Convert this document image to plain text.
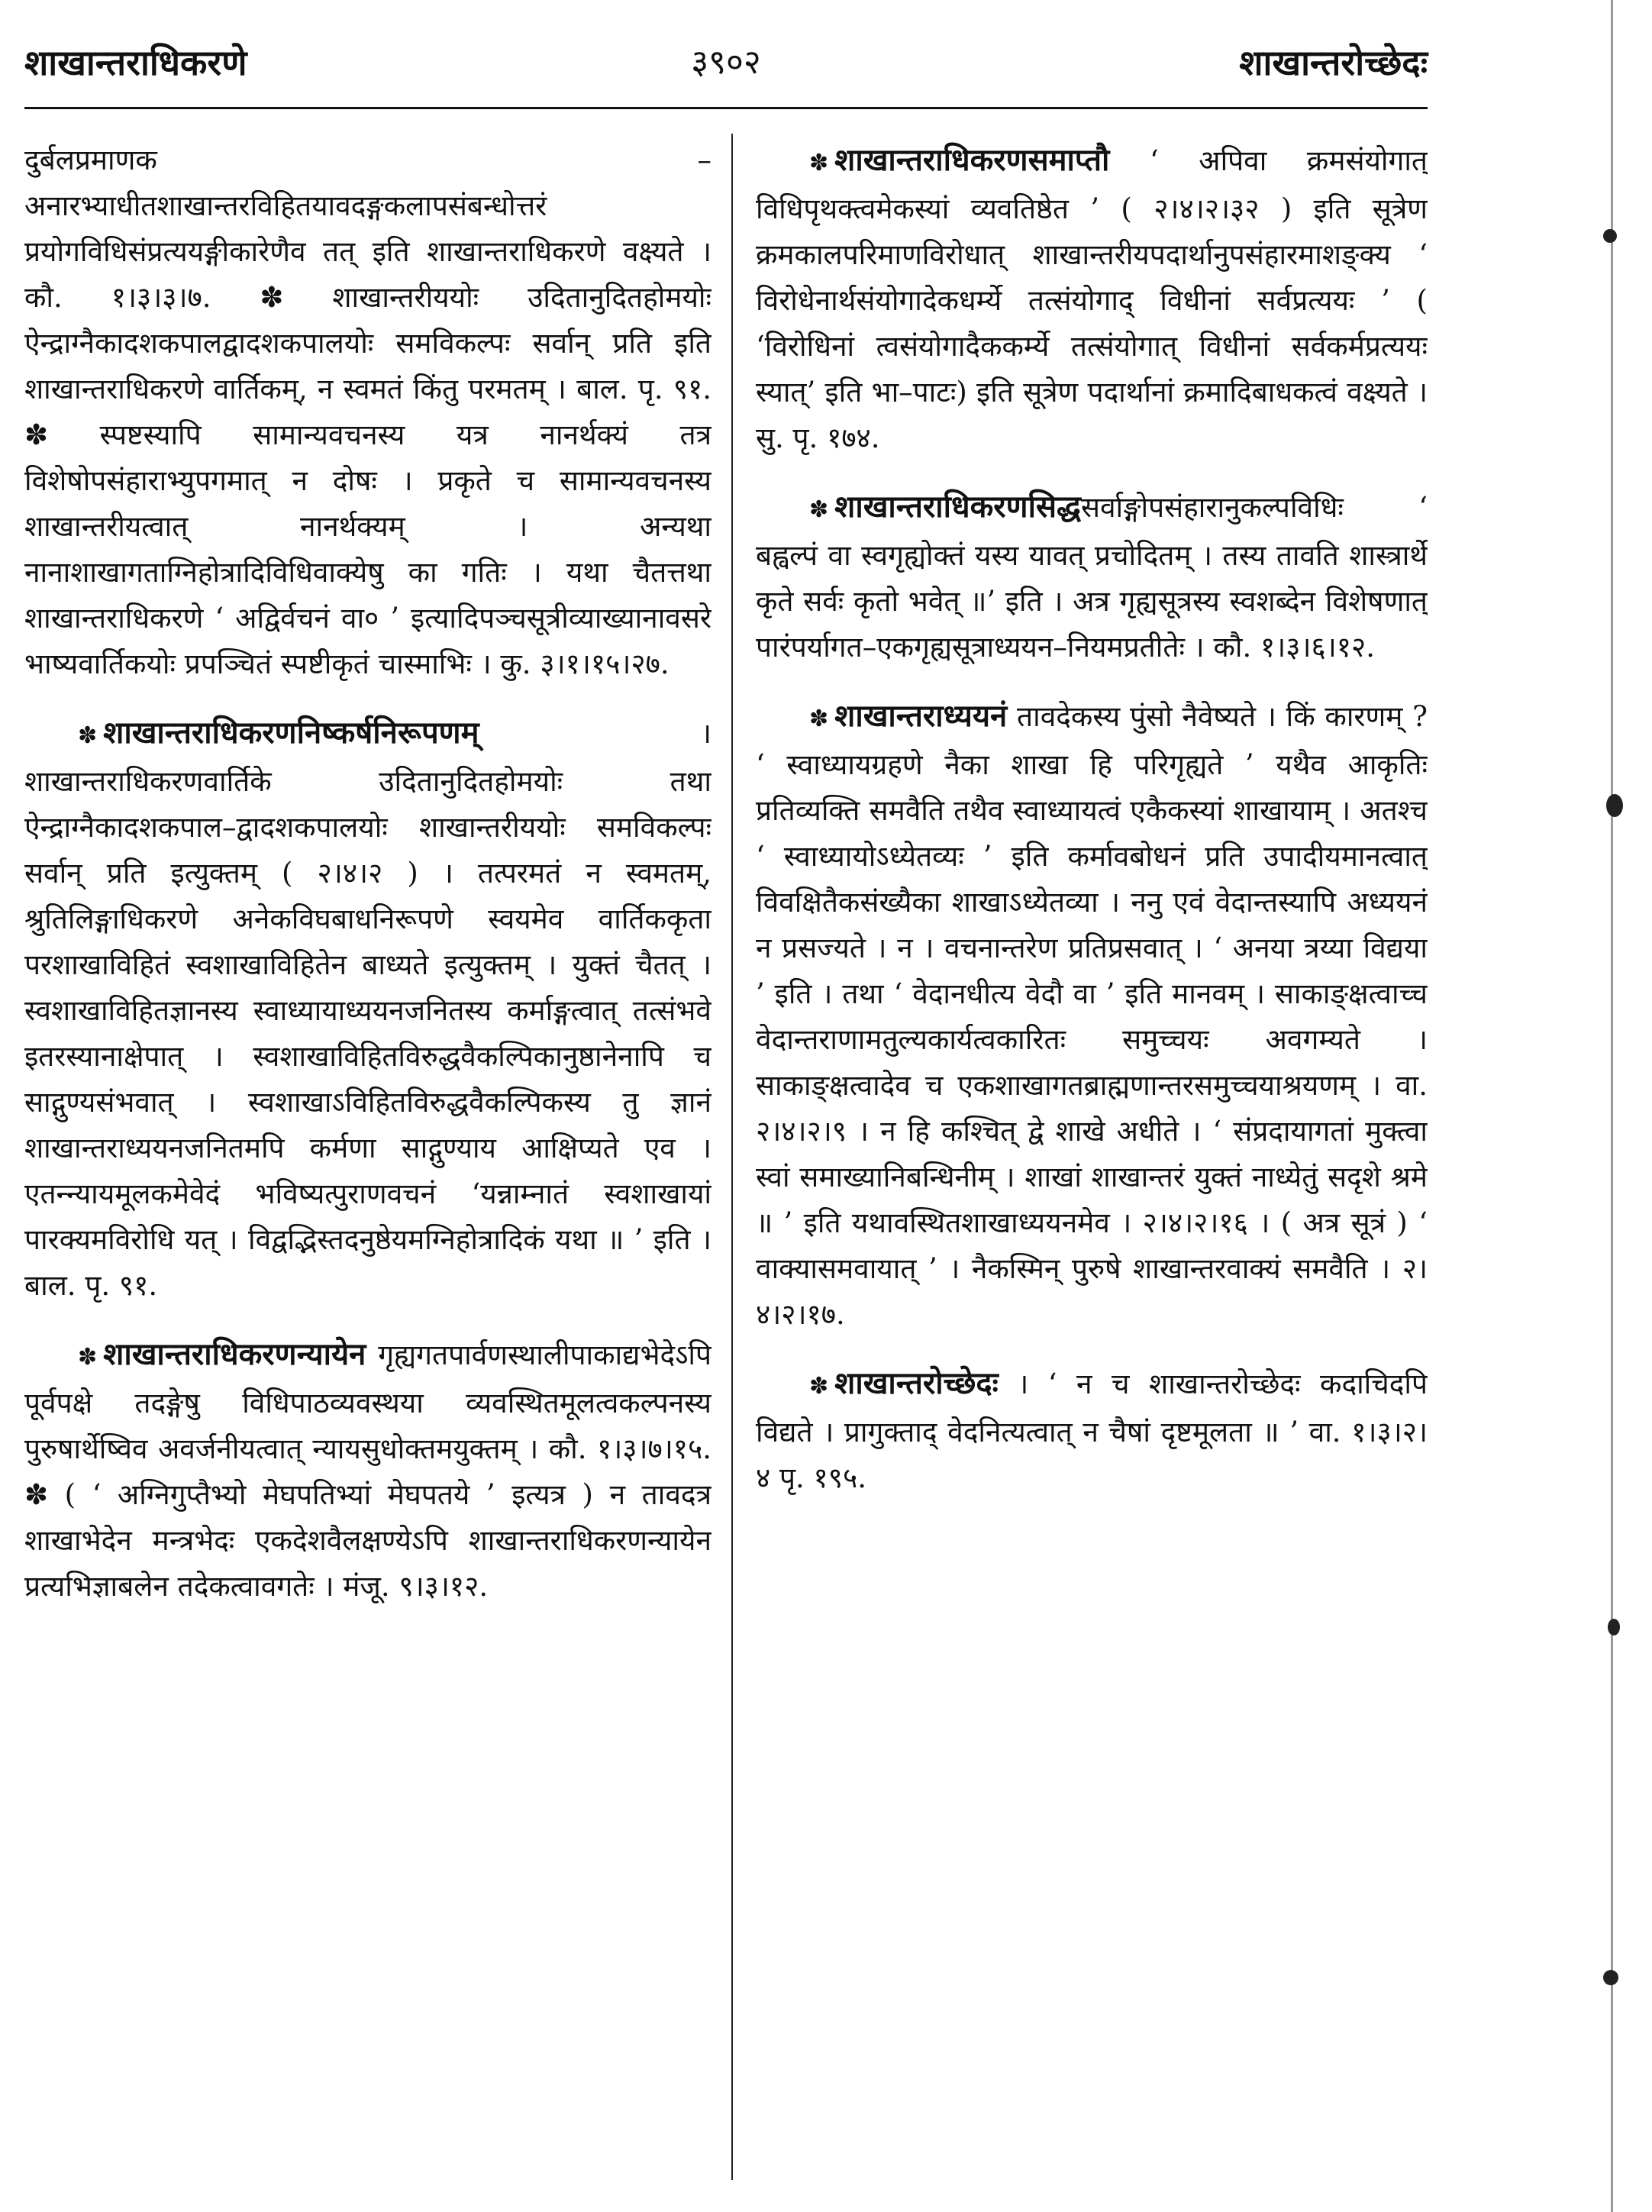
३९०२
शाखान्तराधिकरणे	शाखान्तरोच्छेदः

दुर्बलप्रमाणक – अनारभ्याधीतशाखान्तरविहितयावदङ्गकलापसंबन्धोत्तरं प्रयोगविधिसंप्रत्ययङ्गीकारेणैव तत् इति शाखान्तराधिकरणे वक्ष्यते । कौ. १।३।३।७. ✽ शाखान्तरीययोः उदितानुदितहोमयोः ऐन्द्राग्नैकादशकपालद्वादशकपालयोः समविकल्पः सर्वान् प्रति इति शाखान्तराधिकरणे वार्तिकम्, न स्वमतं किंतु परमतम् । बाल. पृ. ९१. ✽ स्पष्टस्यापि सामान्यवचनस्य यत्र नानर्थक्यं तत्र विशेषोपसंहाराभ्युपगमात् न दोषः । प्रकृते च सामान्यवचनस्य शाखान्तरीयत्वात् नानर्थक्यम् । अन्यथा नानाशाखागताग्निहोत्रादिविधिवाक्येषु का गतिः । यथा चैतत्तथा शाखान्तराधिकरणे ‘ अद्विर्वचनं वा० ’ इत्यादिपञ्चसूत्रीव्याख्यानावसरे भाष्यवार्तिकयोः प्रपञ्चितं स्पष्टीकृतं चास्माभिः । कु. ३।१।१५।२७.

✽ शाखान्तराधिकरणनिष्कर्षनिरूपणम्	। शाखान्तराधिकरणवार्तिके उदितानुदितहोमयोः तथा ऐन्द्राग्नैकादशकपाल–द्वादशकपालयोः शाखान्तरीययोः समविकल्पः सर्वान् प्रति इत्युक्तम् ( २।४।२ ) । तत्परमतं न स्वमतम्, श्रुतिलिङ्गाधिकरणे अनेकविघबाधनिरूपणे स्वयमेव वार्तिककृता परशाखाविहितं स्वशाखाविहितेन बाध्यते इत्युक्तम् । युक्तं चैतत् । स्वशाखाविहितज्ञानस्य स्वाध्यायाध्ययनजनितस्य कर्माङ्गत्वात् तत्संभवे इतरस्यानाक्षेपात् । स्वशाखाविहितविरुद्धवैकल्पिकानुष्ठानेनापि च साद्गुण्यसंभवात् । स्वशाखाऽविहितविरुद्धवैकल्पिकस्य तु ज्ञानं शाखान्तराध्ययनजनितमपि कर्मणा साद्गुण्याय आक्षिप्यते एव । एतन्न्यायमूलकमेवेदं भविष्यत्पुराणवचनं ‘यन्नाम्नातं स्वशाखायां पारक्यमविरोधि यत् । विद्वद्भिस्तदनुष्ठेयमग्निहोत्रादिकं यथा ॥ ’ इति । बाल. पृ. ९१.

✽ शाखान्तराधिकरणन्यायेन गृह्यगतपार्वणस्थालीपाकाद्यभेदेऽपि पूर्वपक्षे तदङ्गेषु विधिपाठव्यवस्थया व्यवस्थितमूलत्वकल्पनस्य पुरुषार्थेष्विव अवर्जनीयत्वात् न्यायसुधोक्तमयुक्तम् । कौ. १।३।७।१५. ✽ ( ‘ अग्निगुप्तैभ्यो मेघपतिभ्यां मेघपतये ’ इत्यत्र ) न तावदत्र शाखाभेदेन मन्त्रभेदः एकदेशवैलक्षण्येऽपि शाखान्तराधिकरणन्यायेन प्रत्यभिज्ञाबलेन तदेकत्वावगतेः । मंजू. ९।३।१२.

✽ शाखान्तराधिकरणसमाप्तौ ‘ अपिवा क्रमसंयोगात् विधिपृथक्त्वमेकस्यां व्यवतिष्ठेत ’ ( २।४।२।३२ ) इति सूत्रेण क्रमकालपरिमाणविरोधात् शाखान्तरीयपदार्थानुपसंहारमाशङ्क्य ‘ विरोधेनार्थसंयोगादेकधर्म्ये तत्संयोगाद् विधीनां सर्वप्रत्ययः ’ ( ‘विरोधिनां त्वसंयोगादैककर्म्ये तत्संयोगात् विधीनां सर्वकर्मप्रत्ययः स्यात्’ इति भा–पाटः) इति सूत्रेण पदार्थानां क्रमादिबाधकत्वं वक्ष्यते । सु. पृ. १७४.

✽ शाखान्तराधिकरणसिद्धसर्वाङ्गोपसंहारानुकल्पविधिः ‘ बह्वल्पं वा स्वगृह्योक्तं यस्य यावत् प्रचोदितम् । तस्य तावति शास्त्रार्थे कृते सर्वः कृतो भवेत् ॥’ इति । अत्र गृह्यसूत्रस्य स्वशब्देन विशेषणात् पारंपर्यागत–एकगृह्यसूत्राध्ययन–नियमप्रतीतेः । कौ. १।३।६।१२.

✽ शाखान्तराध्ययनं तावदेकस्य पुंसो नैवेष्यते । किं कारणम् ? ‘ स्वाध्यायग्रहणे नैका शाखा हि परिगृह्यते ’ यथैव आकृतिः प्रतिव्यक्ति समवैति तथैव स्वाध्यायत्वं एकैकस्यां शाखायाम् । अतश्च ‘ स्वाध्यायोऽध्येतव्यः ’ इति कर्मावबोधनं प्रति उपादीयमानत्वात् विवक्षितैकसंख्यैका शाखाऽध्येतव्या । ननु एवं वेदान्तस्यापि अध्ययनं न प्रसज्यते । न । वचनान्तरेण प्रतिप्रसवात् । ‘ अनया त्रय्या विद्यया ’ इति । तथा ‘ वेदानधीत्य वेदौ वा ’ इति मानवम् । साकाङ्क्षत्वाच्च वेदान्तराणामतुल्यकार्यत्वकारितः समुच्चयः अवगम्यते । साकाङ्क्षत्वादेव च एकशाखागतब्राह्मणान्तरसमुच्चयाश्रयणम् । वा. २।४।२।९ । न हि कश्चित् द्वे शाखे अधीते । ‘ संप्रदायागतां मुक्त्वा स्वां समाख्यानिबन्धिनीम् । शाखां शाखान्तरं युक्तं नाध्येतुं सदृशे श्रमे ॥ ’ इति यथावस्थितशाखाध्ययनमेव । २।४।२।१६ । ( अत्र सूत्रं ) ‘ वाक्यासमवायात् ’ । नैकस्मिन् पुरुषे शाखान्तरवाक्यं समवैति । २।४।२।१७.

✽ शाखान्तरोच्छेदः । ‘ न च शाखान्तरोच्छेदः कदाचिदपि विद्यते । प्रागुक्ताद् वेदनित्यत्वात् न चैषां दृष्टमूलता ॥ ’ वा. १।३।२।४ पृ. १९५.
